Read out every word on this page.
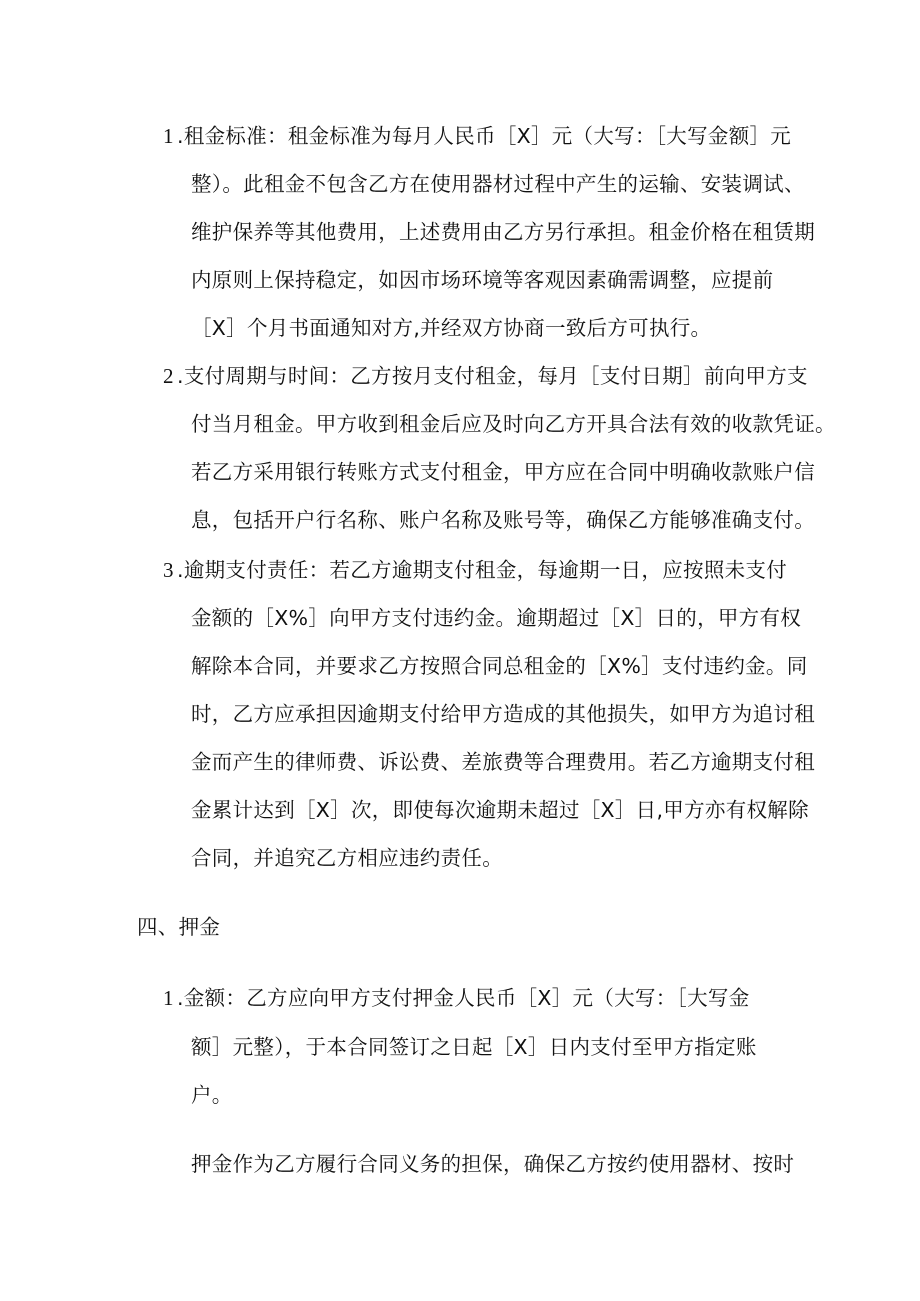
1 .租金标准：租金标准为每月人民币［X］元（大写：［大写金额］元
整）。此租金不包含乙方在使用器材过程中产生的运输、安装调试、
维护保养等其他费用，上述费用由乙方另行承担。租金价格在租赁期
内原则上保持稳定，如因市场环境等客观因素确需调整，应提前
［X］个月书面通知对方,并经双方协商一致后方可执行。
2 .支付周期与时间：乙方按月支付租金，每月［支付日期］前向甲方支
付当月租金。甲方收到租金后应及时向乙方开具合法有效的收款凭证。
若乙方采用银行转账方式支付租金，甲方应在合同中明确收款账户信
息，包括开户行名称、账户名称及账号等，确保乙方能够准确支付。
3 .逾期支付责任：若乙方逾期支付租金，每逾期一日，应按照未支付
金额的［X%］向甲方支付违约金。逾期超过［X］日的，甲方有权
解除本合同，并要求乙方按照合同总租金的［X%］支付违约金。同
时，乙方应承担因逾期支付给甲方造成的其他损失，如甲方为追讨租
金而产生的律师费、诉讼费、差旅费等合理费用。若乙方逾期支付租
金累计达到［X］次，即使每次逾期未超过［X］日,甲方亦有权解除
合同，并追究乙方相应违约责任。
四、押金
1 .金额：乙方应向甲方支付押金人民币［X］元（大写：［大写金
额］元整），于本合同签订之日起［X］日内支付至甲方指定账
户。
押金作为乙方履行合同义务的担保，确保乙方按约使用器材、按时
